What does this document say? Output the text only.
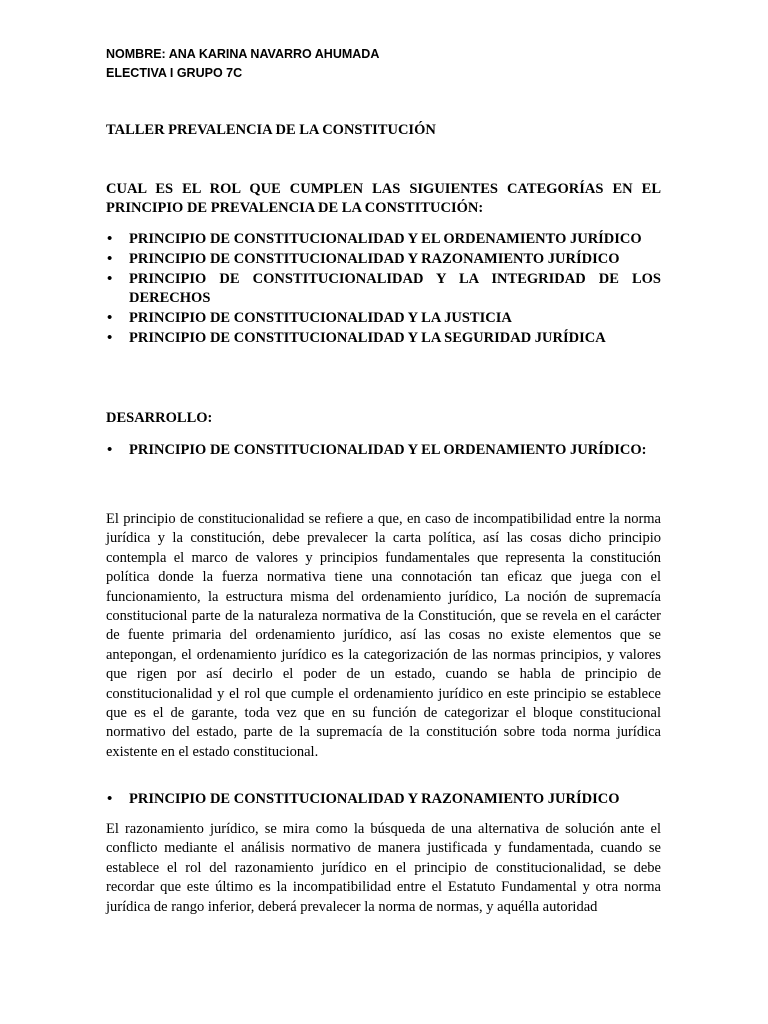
NOMBRE: ANA KARINA NAVARRO AHUMADA
ELECTIVA I GRUPO 7C
TALLER PREVALENCIA DE LA CONSTITUCIÓN
CUAL ES EL ROL QUE CUMPLEN LAS SIGUIENTES CATEGORÍAS EN EL PRINCIPIO DE PREVALENCIA DE LA CONSTITUCIÓN:
• PRINCIPIO DE CONSTITUCIONALIDAD Y EL ORDENAMIENTO JURÍDICO
• PRINCIPIO DE CONSTITUCIONALIDAD Y RAZONAMIENTO JURÍDICO
• PRINCIPIO DE CONSTITUCIONALIDAD Y LA INTEGRIDAD DE LOS DERECHOS
• PRINCIPIO DE CONSTITUCIONALIDAD Y LA JUSTICIA
• PRINCIPIO DE CONSTITUCIONALIDAD Y LA SEGURIDAD JURÍDICA
DESARROLLO:
• PRINCIPIO DE CONSTITUCIONALIDAD Y EL ORDENAMIENTO JURÍDICO:
El principio de constitucionalidad se refiere a que, en caso de incompatibilidad entre la norma jurídica y la constitución, debe prevalecer la carta política, así las cosas dicho principio contempla el marco de valores y principios fundamentales que representa la constitución política donde la fuerza normativa tiene una connotación tan eficaz que juega con el funcionamiento, la estructura misma del ordenamiento jurídico, La noción de supremacía constitucional parte de la naturaleza normativa de la Constitución, que se revela en el carácter de fuente primaria del ordenamiento jurídico, así las cosas no existe elementos que se antepongan, el ordenamiento jurídico es la categorización de las normas principios, y valores que rigen por así decirlo el poder de un estado, cuando se habla de principio de constitucionalidad y el rol que cumple el ordenamiento jurídico en este principio se establece que es el de garante, toda vez que en su función de categorizar el bloque constitucional normativo del estado, parte de la supremacía de la constitución sobre toda norma jurídica existente en el estado constitucional.
• PRINCIPIO DE CONSTITUCIONALIDAD Y RAZONAMIENTO JURÍDICO
El razonamiento jurídico, se mira como la búsqueda de una alternativa de solución ante el conflicto mediante el análisis normativo de manera justificada y fundamentada, cuando se establece el rol del razonamiento jurídico en el principio de constitucionalidad, se debe recordar que este último es la incompatibilidad entre el Estatuto Fundamental y otra norma jurídica de rango inferior, deberá prevalecer la norma de normas, y aquélla autoridad
